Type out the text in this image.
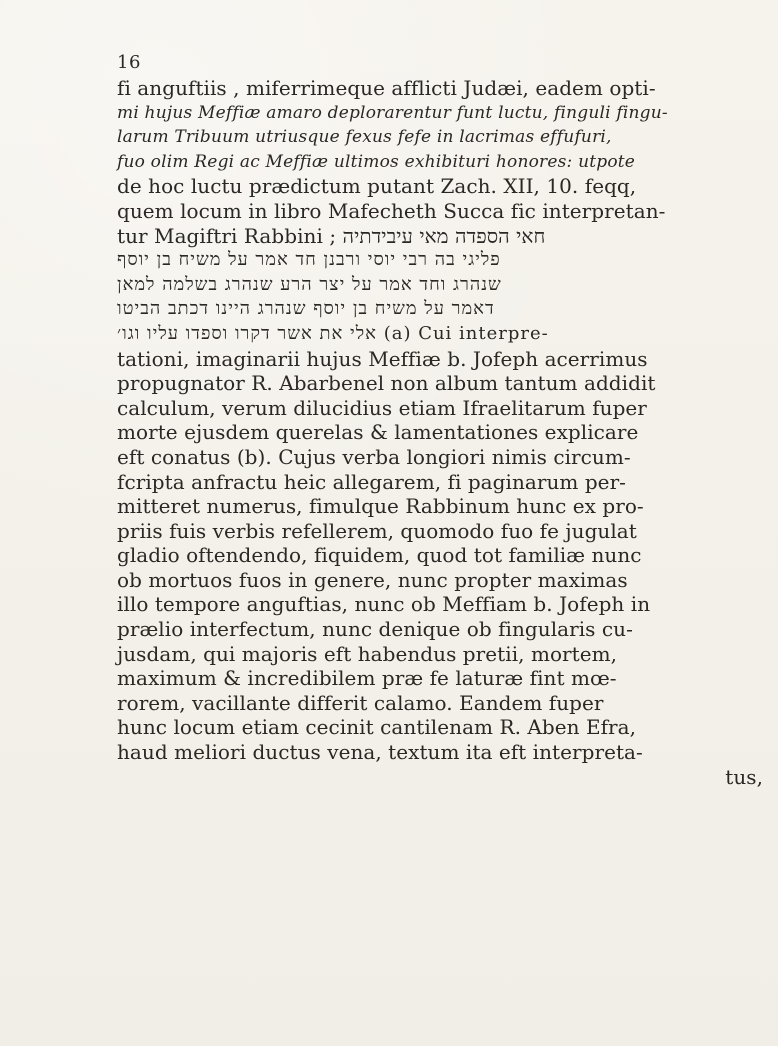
16
fi anguftiis , miferrimeque afflicti Judæi, eadem opti-
mi hujus Meffiæ amaro deplorarentur funt luctu, finguli fingu-
larum Tribuum utriusque fexus fefe in lacrimas effufuri,
fuo olim Regi ac Meffiæ ultimos exhibituri honores: utpote
de hoc luctu prædictum putant Zach. XII, 10. feqq,
quem locum in libro Mafecheth Succa fic interpretan-
tur Magiftri Rabbini ; חאי הספדה מאי עיבידתיה
פליגי בה רבי יוסי ורבנן חד אמר על משיח בן יוסף
שנהרג וחד אמר על יצר הרע שנהרג בשלמה למאן
דאמר על משיח בן יוסף שנהרג היינו דכתב הביטו
אלי את אשר דקרו וספדו עליו וגו׳ (a) Cui interpre-
tationi, imaginarii hujus Meffiæ b. Jofeph acerrimus
propugnator R. Abarbenel non album tantum addidit
calculum, verum dilucidius etiam Ifraelitarum fuper
morte ejusdem querelas & lamentationes explicare
eft conatus (b). Cujus verba longiori nimis circum-
fcripta anfractu heic allegarem, fi paginarum per-
mitteret numerus, fimulque Rabbinum hunc ex pro-
priis fuis verbis refellerem, quomodo fuo fe jugulat
gladio oftendendo, fiquidem, quod tot familiæ nunc
ob mortuos fuos in genere, nunc propter maximas
illo tempore anguftias, nunc ob Meffiam b. Jofeph in
prælio interfectum, nunc denique ob fingularis cu-
jusdam, qui majoris eft habendus pretii, mortem,
maximum & incredibilem præ fe laturæ fint mœ-
rorem, vacillante differit calamo. Eandem fuper
hunc locum etiam cecinit cantilenam R. Aben Efra,
haud meliori ductus vena, textum ita eft interpreta-
tus,
